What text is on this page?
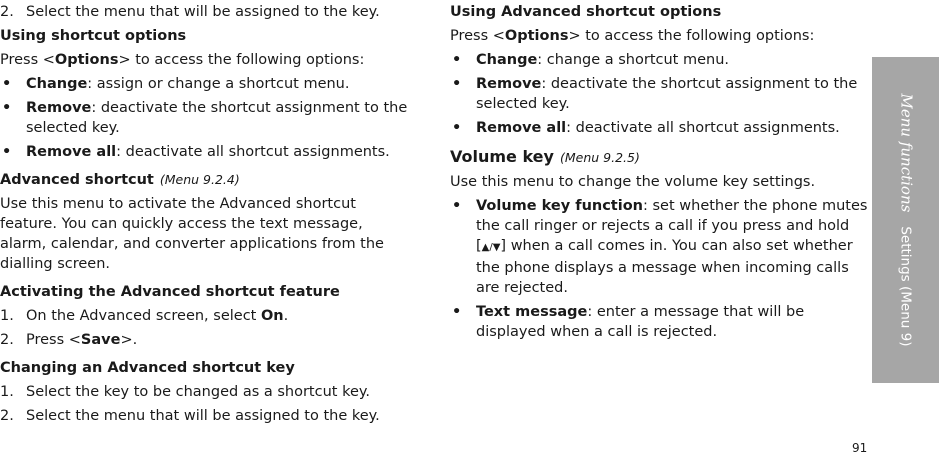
2. Select the menu that will be assigned to the key.

Using shortcut options

Press <Options> to access the following options:

• Change: assign or change a shortcut menu.
• Remove: deactivate the shortcut assignment to the selected key.
• Remove all: deactivate all shortcut assignments.

Advanced shortcut (Menu 9.2.4)

Use this menu to activate the Advanced shortcut feature. You can quickly access the text message, alarm, calendar, and converter applications from the dialling screen.

Activating the Advanced shortcut feature

1. On the Advanced screen, select On.
2. Press <Save>.

Changing an Advanced shortcut key

1. Select the key to be changed as a shortcut key.
2. Select the menu that will be assigned to the key.

Using Advanced shortcut options

Press <Options> to access the following options:

• Change: change a shortcut menu.
• Remove: deactivate the shortcut assignment to the selected key.
• Remove all: deactivate all shortcut assignments.

Volume key (Menu 9.2.5)

Use this menu to change the volume key settings.

• Volume key function: set whether the phone mutes the call ringer or rejects a call if you press and hold [▲/▼] when a call comes in. You can also set whether the phone displays a message when incoming calls are rejected.
• Text message: enter a message that will be displayed when a call is rejected.
Menu functionsSettings (Menu 9)
91
